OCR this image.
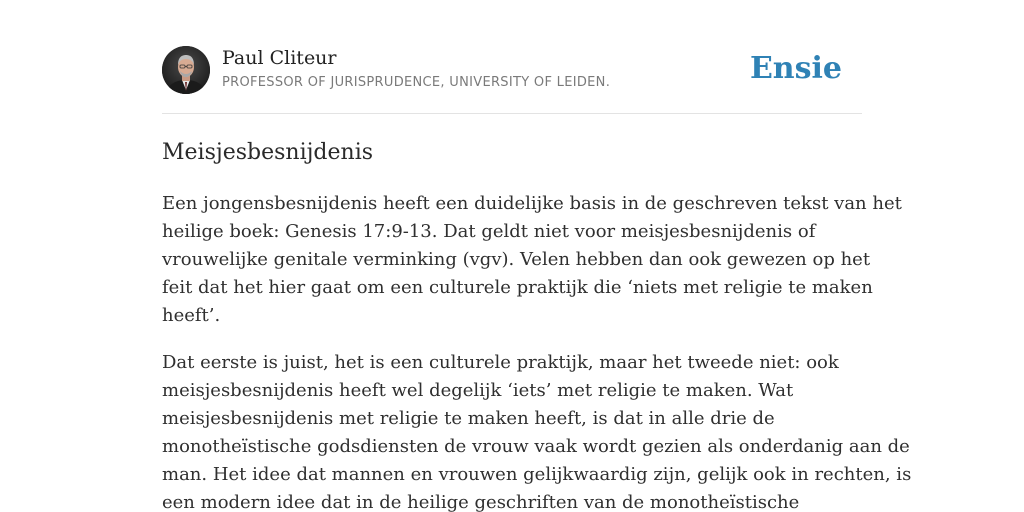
Paul Cliteur
PROFESSOR OF JURISPRUDENCE, UNIVERSITY OF LEIDEN.	Ensie
Meisjesbesnijdenis

Een jongensbesnijdenis heeft een duidelijke basis in de geschreven tekst van het
heilige boek: Genesis 17:9-13. Dat geldt niet voor meisjesbesnijdenis of
vrouwelijke genitale verminking (vgv). Velen hebben dan ook gewezen op het
feit dat het hier gaat om een culturele praktijk die ‘niets met religie te maken
heeft’.

Dat eerste is juist, het is een culturele praktijk, maar het tweede niet: ook
meisjesbesnijdenis heeft wel degelijk ‘iets’ met religie te maken. Wat
meisjesbesnijdenis met religie te maken heeft, is dat in alle drie de
monotheïstische godsdiensten de vrouw vaak wordt gezien als onderdanig aan de
man. Het idee dat mannen en vrouwen gelijkwaardig zijn, gelijk ook in rechten, is
een modern idee dat in de heilige geschriften van de monotheïstische
